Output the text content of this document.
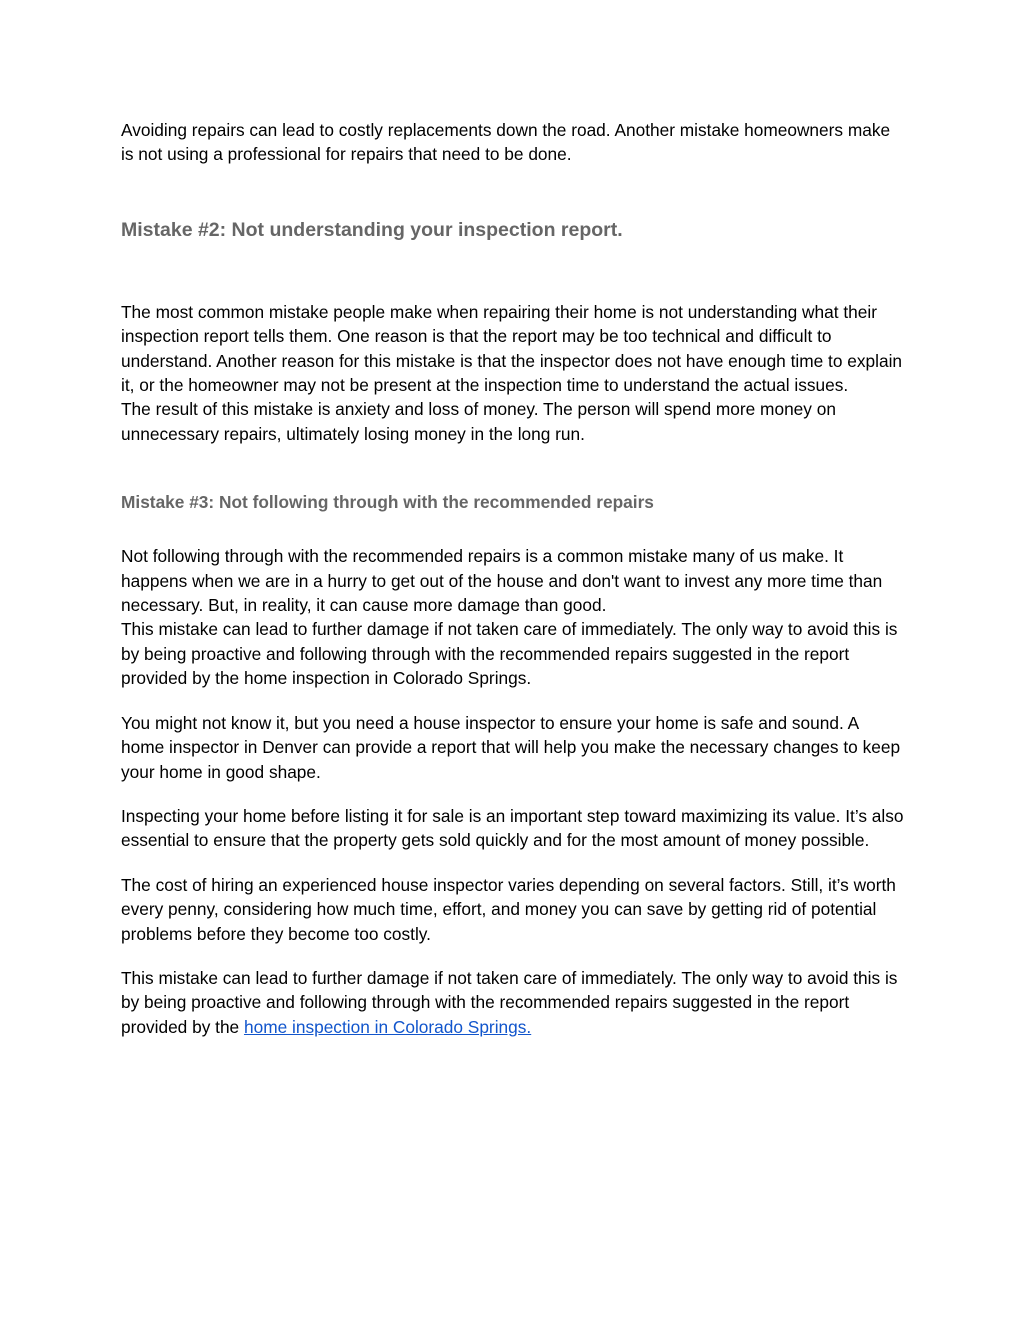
Avoiding repairs can lead to costly replacements down the road. Another mistake homeowners make is not using a professional for repairs that need to be done.

Mistake #2: Not understanding your inspection report.

The most common mistake people make when repairing their home is not understanding what their inspection report tells them. One reason is that the report may be too technical and difficult to understand. Another reason for this mistake is that the inspector does not have enough time to explain it, or the homeowner may not be present at the inspection time to understand the actual issues.

The result of this mistake is anxiety and loss of money. The person will spend more money on unnecessary repairs, ultimately losing money in the long run.

Mistake #3: Not following through with the recommended repairs

Not following through with the recommended repairs is a common mistake many of us make. It happens when we are in a hurry to get out of the house and don't want to invest any more time than necessary. But, in reality, it can cause more damage than good.

This mistake can lead to further damage if not taken care of immediately. The only way to avoid this is by being proactive and following through with the recommended repairs suggested in the report provided by the home inspection in Colorado Springs.

You might not know it, but you need a house inspector to ensure your home is safe and sound. A home inspector in Denver can provide a report that will help you make the necessary changes to keep your home in good shape.

Inspecting your home before listing it for sale is an important step toward maximizing its value. It’s also essential to ensure that the property gets sold quickly and for the most amount of money possible.

The cost of hiring an experienced house inspector varies depending on several factors. Still, it’s worth every penny, considering how much time, effort, and money you can save by getting rid of potential problems before they become too costly.

This mistake can lead to further damage if not taken care of immediately. The only way to avoid this is by being proactive and following through with the recommended repairs suggested in the report provided by the home inspection in Colorado Springs.
